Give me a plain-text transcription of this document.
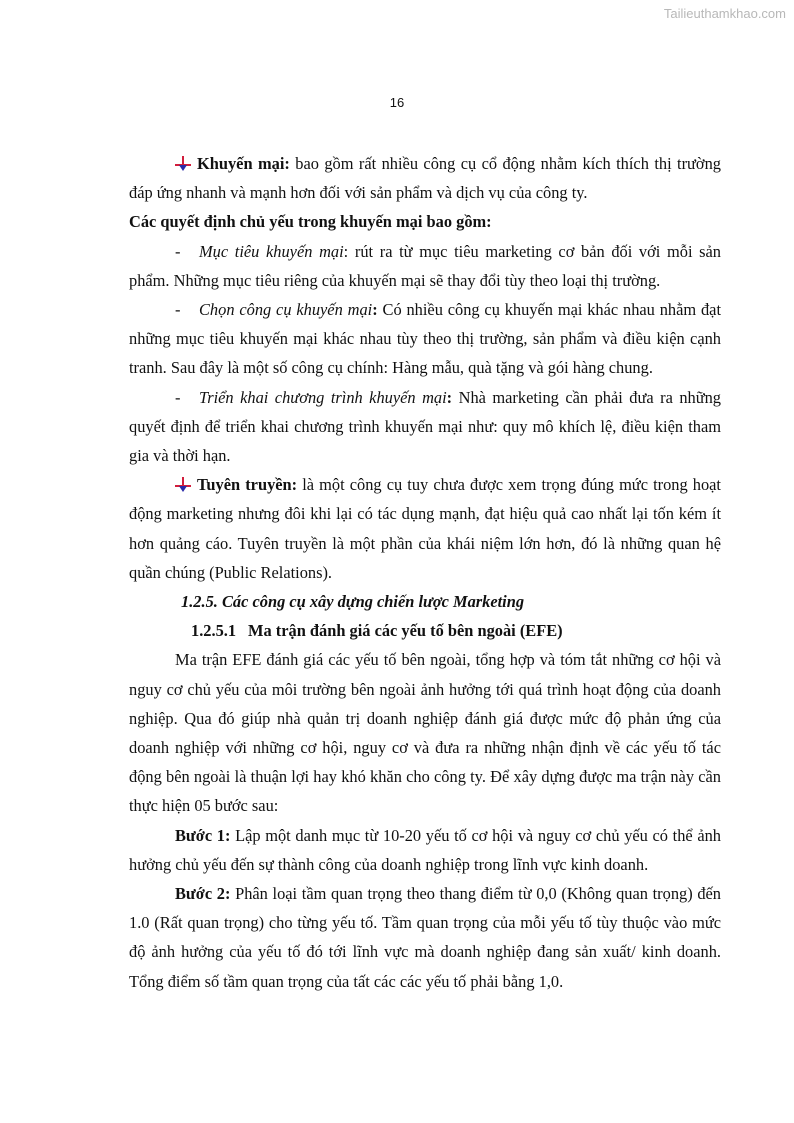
Tailieuthamkhao.com
16

Khuyến mại: bao gồm rất nhiều công cụ cổ động nhằm kích thích thị trường đáp ứng nhanh và mạnh hơn đối với sản phẩm và dịch vụ của công ty.

Các quyết định chủ yếu trong khuyến mại bao gồm:

- Mục tiêu khuyến mại: rút ra từ mục tiêu marketing cơ bản đối với mỗi sản phẩm. Những mục tiêu riêng của khuyến mại sẽ thay đổi tùy theo loại thị trường.

- Chọn công cụ khuyến mại: Có nhiều công cụ khuyến mại khác nhau nhằm đạt những mục tiêu khuyến mại khác nhau tùy theo thị trường, sản phẩm và điều kiện cạnh tranh. Sau đây là một số công cụ chính: Hàng mẫu, quà tặng và gói hàng chung.

- Triển khai chương trình khuyến mại: Nhà marketing cần phải đưa ra những quyết định để triển khai chương trình khuyến mại như: quy mô khích lệ, điều kiện tham gia và thời hạn.

Tuyên truyền: là một công cụ tuy chưa được xem trọng đúng mức trong hoạt động marketing nhưng đôi khi lại có tác dụng mạnh, đạt hiệu quả cao nhất lại tốn kém ít hơn quảng cáo. Tuyên truyền là một phần của khái niệm lớn hơn, đó là những quan hệ quần chúng (Public Relations).

1.2.5. Các công cụ xây dựng chiến lược Marketing

1.2.5.1 Ma trận đánh giá các yếu tố bên ngoài (EFE)

Ma trận EFE đánh giá các yếu tố bên ngoài, tổng hợp và tóm tắt những cơ hội và nguy cơ chủ yếu của môi trường bên ngoài ảnh hưởng tới quá trình hoạt động của doanh nghiệp. Qua đó giúp nhà quản trị doanh nghiệp đánh giá được mức độ phản ứng của doanh nghiệp với những cơ hội, nguy cơ và đưa ra những nhận định về các yếu tố tác động bên ngoài là thuận lợi hay khó khăn cho công ty. Để xây dựng được ma trận này cần thực hiện 05 bước sau:

Bước 1: Lập một danh mục từ 10-20 yếu tố cơ hội và nguy cơ chủ yếu có thể ảnh hưởng chủ yếu đến sự thành công của doanh nghiệp trong lĩnh vực kinh doanh.

Bước 2: Phân loại tầm quan trọng theo thang điểm từ 0,0 (Không quan trọng) đến 1.0 (Rất quan trọng) cho từng yếu tố. Tầm quan trọng của mỗi yếu tố tùy thuộc vào mức độ ảnh hưởng của yếu tố đó tới lĩnh vực mà doanh nghiệp đang sản xuất/ kinh doanh. Tổng điểm số tầm quan trọng của tất các các yếu tố phải bằng 1,0.
